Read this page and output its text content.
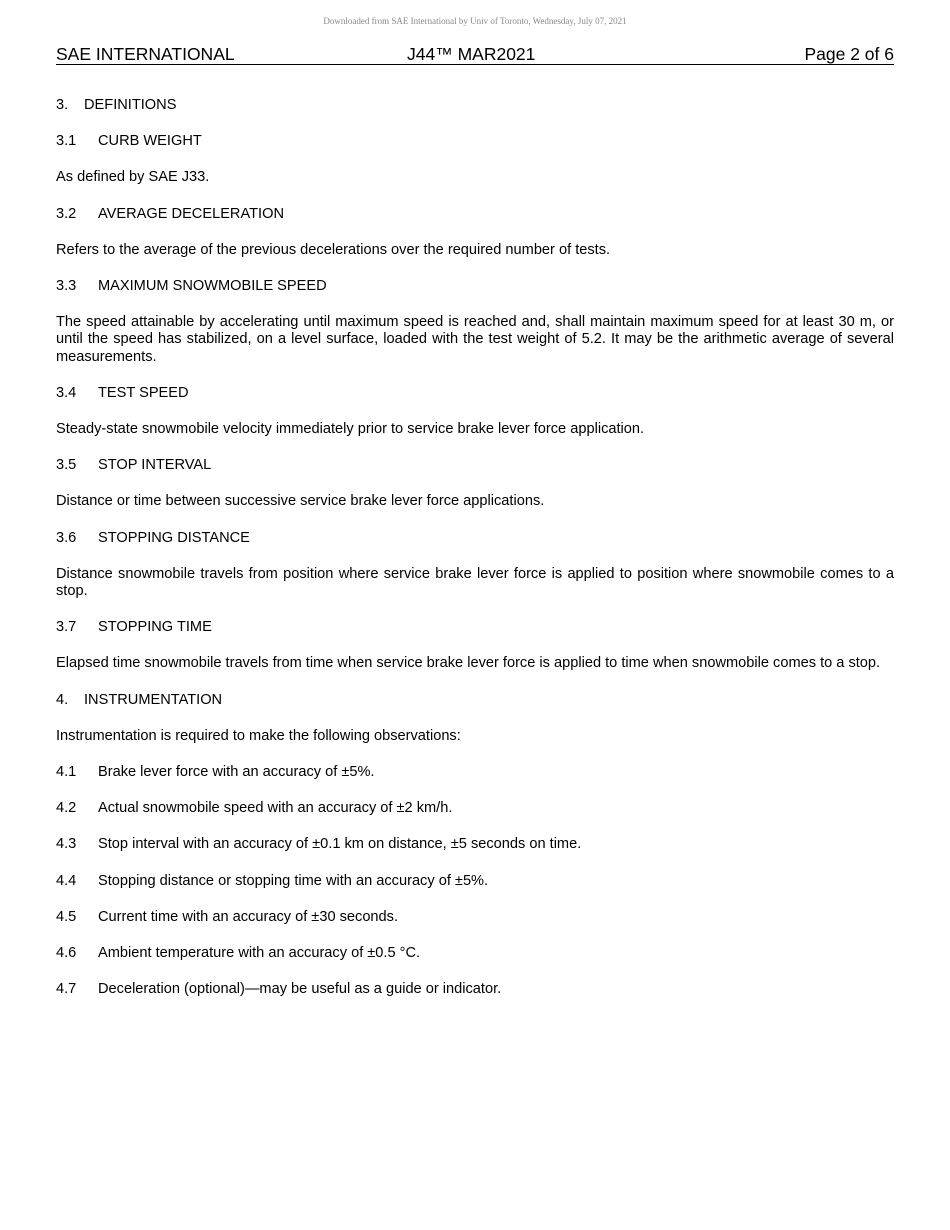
Downloaded from SAE International by Univ of Toronto, Wednesday, July 07, 2021
SAE INTERNATIONAL	J44™ MAR2021	Page 2 of 6
3. DEFINITIONS
3.1 CURB WEIGHT
As defined by SAE J33.
3.2 AVERAGE DECELERATION
Refers to the average of the previous decelerations over the required number of tests.
3.3 MAXIMUM SNOWMOBILE SPEED
The speed attainable by accelerating until maximum speed is reached and, shall maintain maximum speed for at least 30 m, or until the speed has stabilized, on a level surface, loaded with the test weight of 5.2. It may be the arithmetic average of several measurements.
3.4 TEST SPEED
Steady-state snowmobile velocity immediately prior to service brake lever force application.
3.5 STOP INTERVAL
Distance or time between successive service brake lever force applications.
3.6 STOPPING DISTANCE
Distance snowmobile travels from position where service brake lever force is applied to position where snowmobile comes to a stop.
3.7 STOPPING TIME
Elapsed time snowmobile travels from time when service brake lever force is applied to time when snowmobile comes to a stop.
4. INSTRUMENTATION
Instrumentation is required to make the following observations:
4.1 Brake lever force with an accuracy of ±5%.
4.2 Actual snowmobile speed with an accuracy of ±2 km/h.
4.3 Stop interval with an accuracy of ±0.1 km on distance, ±5 seconds on time.
4.4 Stopping distance or stopping time with an accuracy of ±5%.
4.5 Current time with an accuracy of ±30 seconds.
4.6 Ambient temperature with an accuracy of ±0.5 °C.
4.7 Deceleration (optional)—may be useful as a guide or indicator.
